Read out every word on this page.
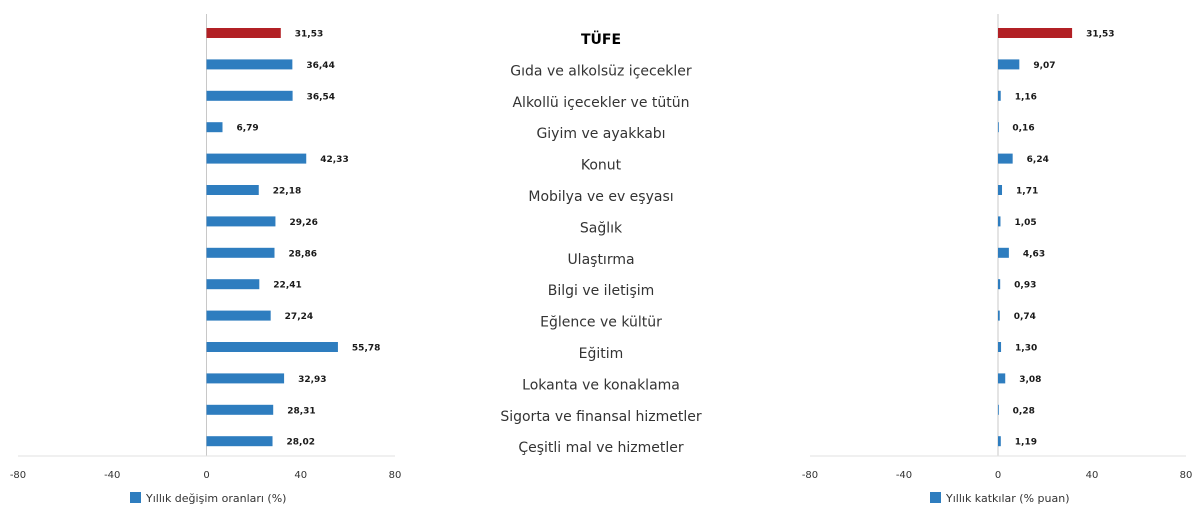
-80	-40	0	40	80
31,53
36,44
36,54
6,79
42,33
22,18
29,26
28,86
22,41
27,24
55,78
32,93
28,31
28,02
Yıllık değişim oranları (%)
-80	-40	0	40	80
31,53
9,07
1,16
0,16
6,24
1,71
1,05
4,63
0,93
0,74
1,30
3,08
0,28
1,19
Yıllık katkılar (% puan)
TÜFE
Gıda ve alkolsüz içecekler
Alkollü içecekler ve tütün
Giyim ve ayakkabı
Konut
Mobilya ve ev eşyası
Sağlık
Ulaştırma
Bilgi ve iletişim
Eğlence ve kültür
Eğitim
Lokanta ve konaklama
Sigorta ve finansal hizmetler
Çeşitli mal ve hizmetler
